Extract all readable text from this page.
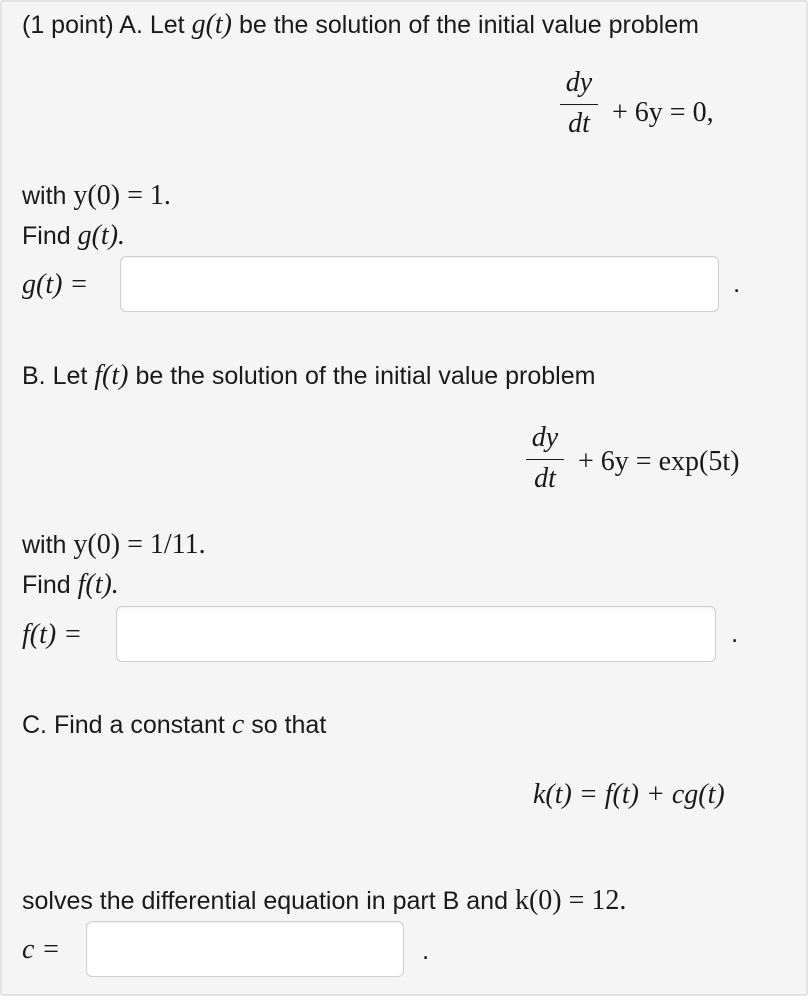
(1 point) A. Let g(t) be the solution of the initial value problem
dy
dt + 6y = 0,
with y(0) = 1.
Find g(t).
g(t) =	.
B. Let f(t) be the solution of the initial value problem
dy
dt
+ 6y = exp(5t)
with y(0) = 1/11.
Find f(t).
f(t) =	.
C. Find a constant c so that
k(t) = f(t) + cg(t)
solves the differential equation in part B and k(0) = 12.
c =	.
